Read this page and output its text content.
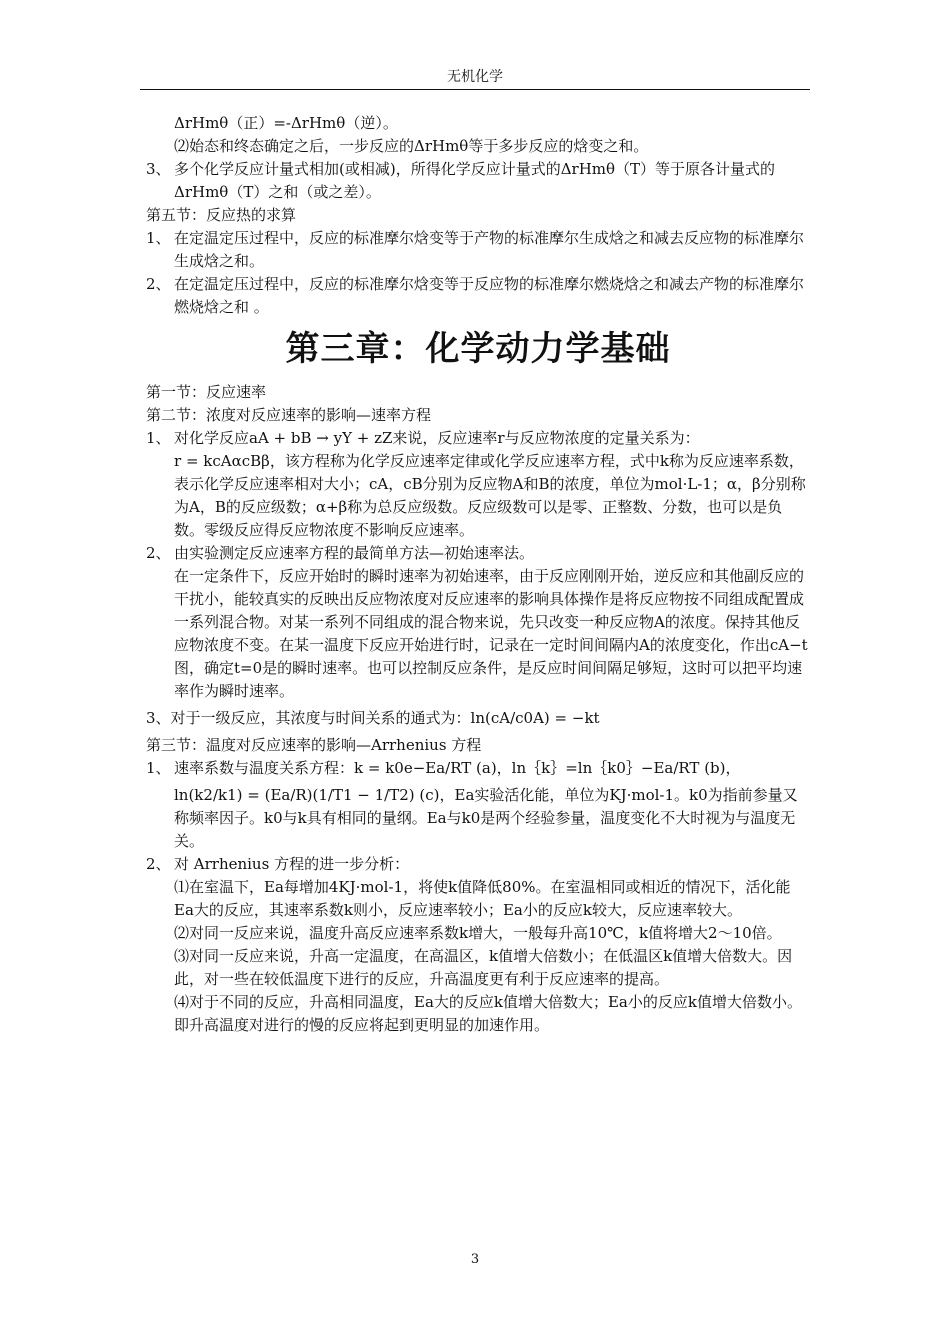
无机化学

ΔrHmθ（正）=-ΔrHmθ（逆）。

⑵始态和终态确定之后，一步反应的ΔrHmθ等于多步反应的焓变之和。

3、 多个化学反应计量式相加(或相减)，所得化学反应计量式的ΔrHmθ（T）等于原各计量式的ΔrHmθ（T）之和（或之差）。

第五节：反应热的求算

1、 在定温定压过程中，反应的标准摩尔焓变等于产物的标准摩尔生成焓之和减去反应物的标准摩尔生成焓之和。

2、 在定温定压过程中，反应的标准摩尔焓变等于反应物的标准摩尔燃烧焓之和减去产物的标准摩尔燃烧焓之和 。

第三章：化学动力学基础

第一节：反应速率

第二节：浓度对反应速率的影响—速率方程

1、 对化学反应aA + bB → yY + zZ来说，反应速率r与反应物浓度的定量关系为：

r = kcAαcBβ，该方程称为化学反应速率定律或化学反应速率方程，式中k称为反应速率系数，表示化学反应速率相对大小；cA，cB分别为反应物A和B的浓度，单位为mol·L-1；α，β分别称为A，B的反应级数；α+β称为总反应级数。反应级数可以是零、正整数、分数，也可以是负数。零级反应得反应物浓度不影响反应速率。

2、 由实验测定反应速率方程的最简单方法—初始速率法。

在一定条件下，反应开始时的瞬时速率为初始速率，由于反应刚刚开始，逆反应和其他副反应的干扰小，能较真实的反映出反应物浓度对反应速率的影响具体操作是将反应物按不同组成配置成一系列混合物。对某一系列不同组成的混合物来说，先只改变一种反应物A的浓度。保持其他反应物浓度不变。在某一温度下反应开始进行时，记录在一定时间间隔内A的浓度变化，作出cA−t图，确定t=0是的瞬时速率。也可以控制反应条件，是反应时间间隔足够短，这时可以把平均速率作为瞬时速率。

3、对于一级反应，其浓度与时间关系的通式为：ln(cA/c0A) = −kt

第三节：温度对反应速率的影响—Arrhenius 方程

1、 速率系数与温度关系方程：k = k0e−Ea/RT (a)，ln｛k｝=ln｛k0｝−Ea/RT (b)，

ln(k2/k1) = (Ea/R)(1/T1 − 1/T2) (c)，Ea实验活化能，单位为KJ·mol-1。k0为指前参量又称频率因子。k0与k具有相同的量纲。Ea与k0是两个经验参量，温度变化不大时视为与温度无关。

2、 对 Arrhenius 方程的进一步分析：

⑴在室温下，Ea每增加4KJ·mol-1，将使k值降低80%。在室温相同或相近的情况下，活化能Ea大的反应，其速率系数k则小，反应速率较小；Ea小的反应k较大，反应速率较大。

⑵对同一反应来说，温度升高反应速率系数k增大，一般每升高10℃，k值将增大2～10倍。

⑶对同一反应来说，升高一定温度，在高温区，k值增大倍数小；在低温区k值增大倍数大。因此，对一些在较低温度下进行的反应，升高温度更有利于反应速率的提高。

⑷对于不同的反应，升高相同温度，Ea大的反应k值增大倍数大；Ea小的反应k值增大倍数小。即升高温度对进行的慢的反应将起到更明显的加速作用。

3
